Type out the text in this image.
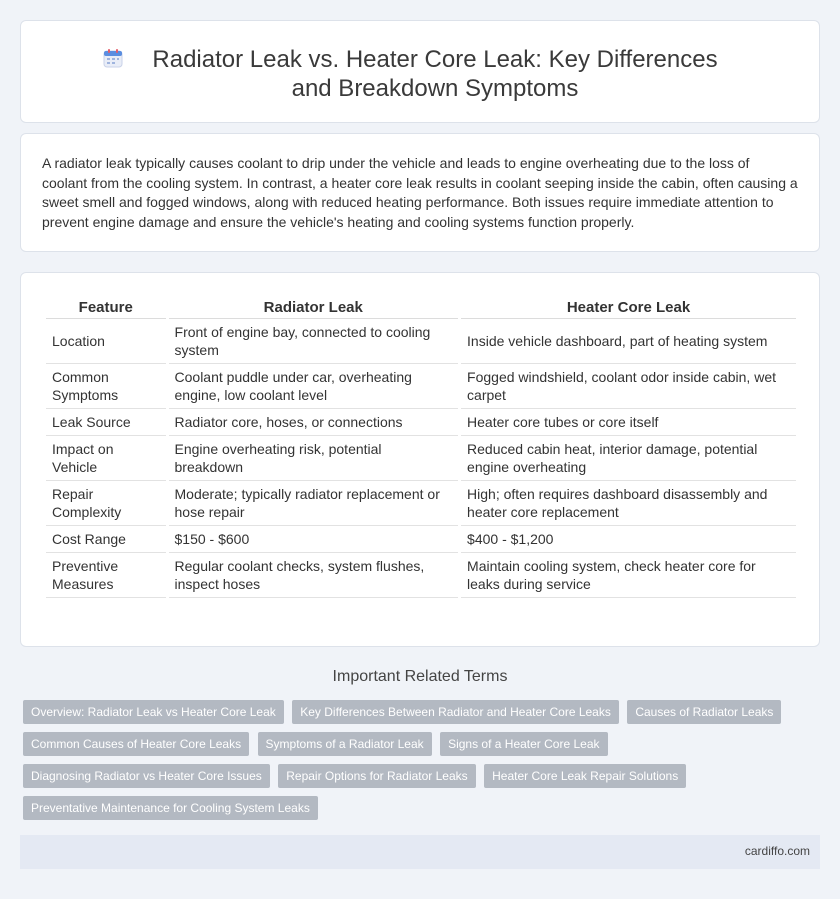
Radiator Leak vs. Heater Core Leak: Key Differences and Breakdown Symptoms

A radiator leak typically causes coolant to drip under the vehicle and leads to engine overheating due to the loss of coolant from the cooling system. In contrast, a heater core leak results in coolant seeping inside the cabin, often causing a sweet smell and fogged windows, along with reduced heating performance. Both issues require immediate attention to prevent engine damage and ensure the vehicle's heating and cooling systems function properly.

Feature	Radiator Leak	Heater Core Leak
Location	Front of engine bay, connected to cooling system	Inside vehicle dashboard, part of heating system
Common Symptoms	Coolant puddle under car, overheating engine, low coolant level	Fogged windshield, coolant odor inside cabin, wet carpet
Leak Source	Radiator core, hoses, or connections	Heater core tubes or core itself
Impact on Vehicle	Engine overheating risk, potential breakdown	Reduced cabin heat, interior damage, potential engine overheating
Repair Complexity	Moderate; typically radiator replacement or hose repair	High; often requires dashboard disassembly and heater core replacement
Cost Range	$150 - $600	$400 - $1,200
Preventive Measures	Regular coolant checks, system flushes, inspect hoses	Maintain cooling system, check heater core for leaks during service
Important Related Terms
Overview: Radiator Leak vs Heater Core Leak Key Differences Between Radiator and Heater Core Leaks Causes of Radiator Leaks Common Causes of Heater Core Leaks Symptoms of a Radiator Leak Signs of a Heater Core Leak Diagnosing Radiator vs Heater Core Issues Repair Options for Radiator Leaks Heater Core Leak Repair Solutions Preventative Maintenance for Cooling System Leaks
cardiffo.com
